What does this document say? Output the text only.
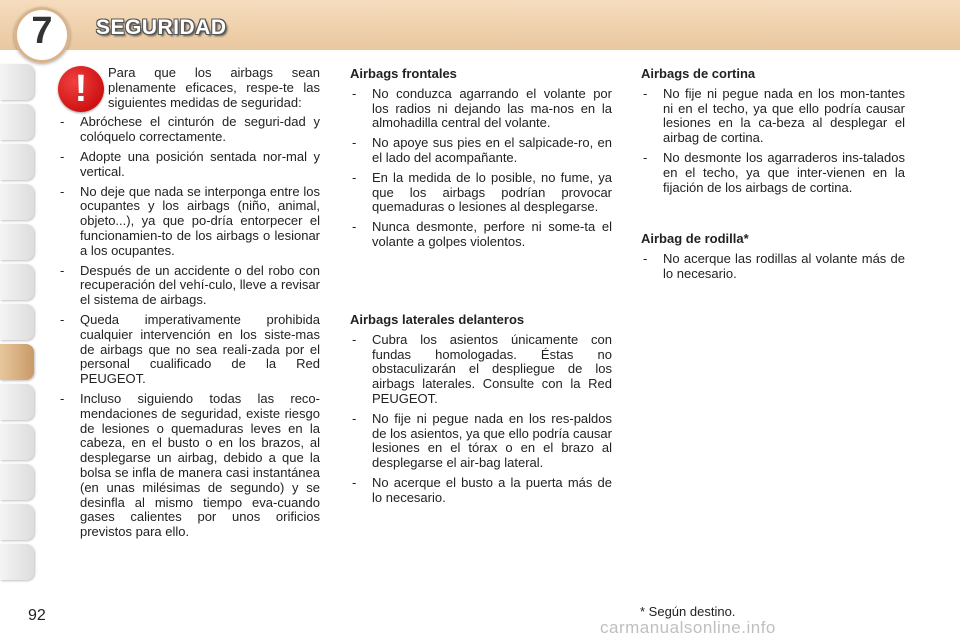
7	SEGURIDAD
!	Para que los airbags sean plenamente eficaces, respe-te las siguientes medidas de seguridad:

- Abróchese el cinturón de seguri-dad y colóquelo correctamente.
- Adopte una posición sentada nor-mal y vertical.
- No deje que nada se interponga entre los ocupantes y los airbags (niño, animal, objeto...), ya que po-dría entorpecer el funcionamien-to de los airbags o lesionar a los ocupantes.
- Después de un accidente o del robo con recuperación del vehí-culo, lleve a revisar el sistema de airbags.
- Queda imperativamente prohibida cualquier intervención en los siste-mas de airbags que no sea reali-zada por el personal cualificado de la Red PEUGEOT.
- Incluso siguiendo todas las reco-mendaciones de seguridad, existe riesgo de lesiones o quemaduras leves en la cabeza, en el busto o en los brazos, al desplegarse un airbag, debido a que la bolsa se infla de manera casi instantánea (en unas milésimas de segundo) y se desinfla al mismo tiempo eva-cuando gases calientes por unos orificios previstos para ello.
Airbags frontales
- No conduzca agarrando el volante por los radios ni dejando las ma-nos en la almohadilla central del volante.
- No apoye sus pies en el salpicade-ro, en el lado del acompañante.
- En la medida de lo posible, no fume, ya que los airbags podrían provocar quemaduras o lesiones al desplegarse.
- Nunca desmonte, perfore ni some-ta el volante a golpes violentos.
Airbags laterales delanteros
- Cubra los asientos únicamente con fundas homologadas. Éstas no obstaculizarán el despliegue de los airbags laterales. Consulte con la Red PEUGEOT.
- No fije ni pegue nada en los res-paldos de los asientos, ya que ello podría causar lesiones en el tórax o en el brazo al desplegarse el air-bag lateral.
- No acerque el busto a la puerta más de lo necesario.
Airbags de cortina
- No fije ni pegue nada en los mon-tantes ni en el techo, ya que ello podría causar lesiones en la ca-beza al desplegar el airbag de cortina.
- No desmonte los agarraderos ins-talados en el techo, ya que inter-vienen en la fijación de los airbags de cortina.
Airbag de rodilla*
- No acerque las rodillas al volante más de lo necesario.
* Según destino.
92
carmanualsonline.info
